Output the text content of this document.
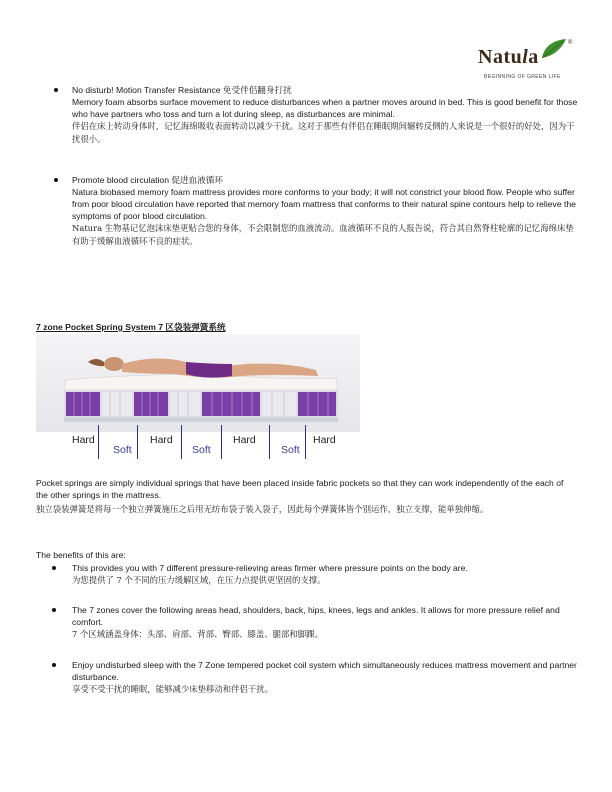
Natula
®
BEGINNING OF GREEN LIFE
No disturb! Motion Transfer Resistance 免受伴侣翻身打扰
Memory foam absorbs surface movement to reduce disturbances when a partner moves around in bed. This is good benefit for those who have partners who toss and turn a lot during sleep, as disturbances are minimal.
伴侣在床上转动身体时，记忆海绵吸收表面转动以减少干扰。这对于那些有伴侣在睡眠期间辗转反侧的人来说是一个很好的好处，因为干扰很小。
Promote blood circulation 促进血液循环
Natura biobased memory foam mattress provides more conforms to your body; it will not constrict your blood flow. People who suffer from poor blood circulation have reported that memory foam mattress that conforms to their natural spine contours help to relieve the symptoms of poor blood circulation.
Natura 生物基记忆泡沫床垫更贴合您的身体，不会限制您的血液流动。血液循环不良的人报告说，符合其自然脊柱轮廓的记忆海绵床垫有助于缓解血液循环不良的症状。
7 zone Pocket Spring System 7 区袋装弹簧系统
Hard
Soft
Hard
Soft
Hard
Soft
Hard
Pocket springs are simply individual springs that have been placed inside fabric pockets so that they can work independently of the each of the other springs in the mattress.
独立袋装弹簧是将每一个独立弹簧施压之后用无纺布袋子装入袋子，因此每个弹簧体皆个别运作，独立支撑，能单独伸缩。
The benefits of this are:
This provides you with 7 different pressure-relieving areas firmer where pressure points on the body are.
为您提供了 7 个不同的压力缓解区域，在压力点提供更坚固的支撑。
The 7 zones cover the following areas head, shoulders, back, hips, knees, legs and ankles. It allows for more pressure relief and comfort.
7 个区域涵盖身体：头部、肩部、背部、臀部、膝盖、腿部和脚踝。
Enjoy undisturbed sleep with the 7 Zone tempered pocket coil system which simultaneously reduces mattress movement and partner disturbance.
享受不受干扰的睡眠，能够减少床垫移动和伴侣干扰。
